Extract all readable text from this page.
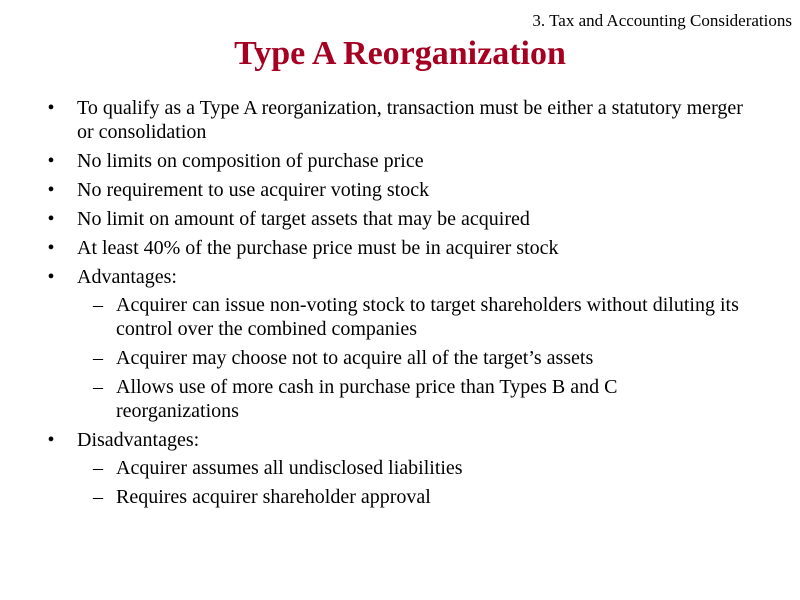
3. Tax and Accounting Considerations
Type A Reorganization
• To qualify as a Type A reorganization, transaction must be either a statutory merger or consolidation
• No limits on composition of purchase price
• No requirement to use acquirer voting stock
• No limit on amount of target assets that may be acquired
• At least 40% of the purchase price must be in acquirer stock
• Advantages:
– Acquirer can issue non-voting stock to target shareholders without diluting its control over the combined companies
– Acquirer may choose not to acquire all of the target’s assets
– Allows use of more cash in purchase price than Types B and C reorganizations
• Disadvantages:
– Acquirer assumes all undisclosed liabilities
– Requires acquirer shareholder approval
